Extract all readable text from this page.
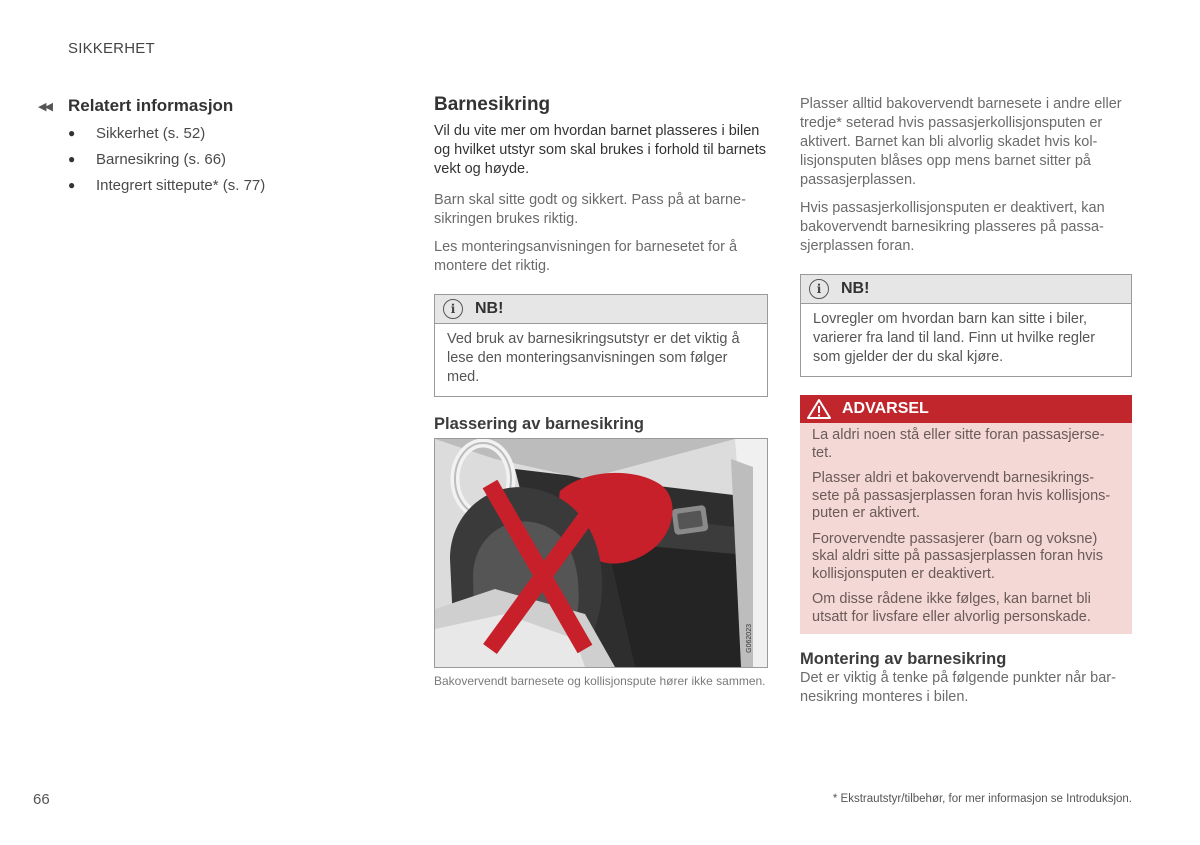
SIKKERHET
◀◀	Relatert informasjon
●	Sikkerhet (s. 52)
●	Barnesikring (s. 66)
●	Integrert sittepute* (s. 77)
Barnesikring

Vil du vite mer om hvordan barnet plasseres i bilen og hvilket utstyr som skal brukes i forhold til barnets vekt og høyde.

Barn skal sitte godt og sikkert. Pass på at barne-sikringen brukes riktig.

Les monteringsanvisningen for barnesetet for å montere det riktig.

i	NB!
Ved bruk av barnesikringsutstyr er det viktig å lese den monteringsanvisningen som følger med.
Plassering av barnesikring
G062023
Bakovervendt barnesete og kollisjonspute hører ikke sammen.

Plasser alltid bakovervendt barnesete i andre eller tredje* seterad hvis passasjerkollisjonsputen er aktivert. Barnet kan bli alvorlig skadet hvis kol-lisjonsputen blåses opp mens barnet sitter på passasjerplassen.

Hvis passasjerkollisjonsputen er deaktivert, kan bakovervendt barnesikring plasseres på passa-sjerplassen foran.

i	NB!
Lovregler om hvordan barn kan sitte i biler, varierer fra land til land. Finn ut hvilke regler som gjelder der du skal kjøre.
ADVARSEL

La aldri noen stå eller sitte foran passasjerse-tet.

Plasser aldri et bakovervendt barnesikrings-sete på passasjerplassen foran hvis kollisjons-puten er aktivert.

Forovervendte passasjerer (barn og voksne) skal aldri sitte på passasjerplassen foran hvis kollisjonsputen er deaktivert.

Om disse rådene ikke følges, kan barnet bli utsatt for livsfare eller alvorlig personskade.

Montering av barnesikring

Det er viktig å tenke på følgende punkter når bar-nesikring monteres i bilen.

66	* Ekstrautstyr/tilbehør, for mer informasjon se Introduksjon.
